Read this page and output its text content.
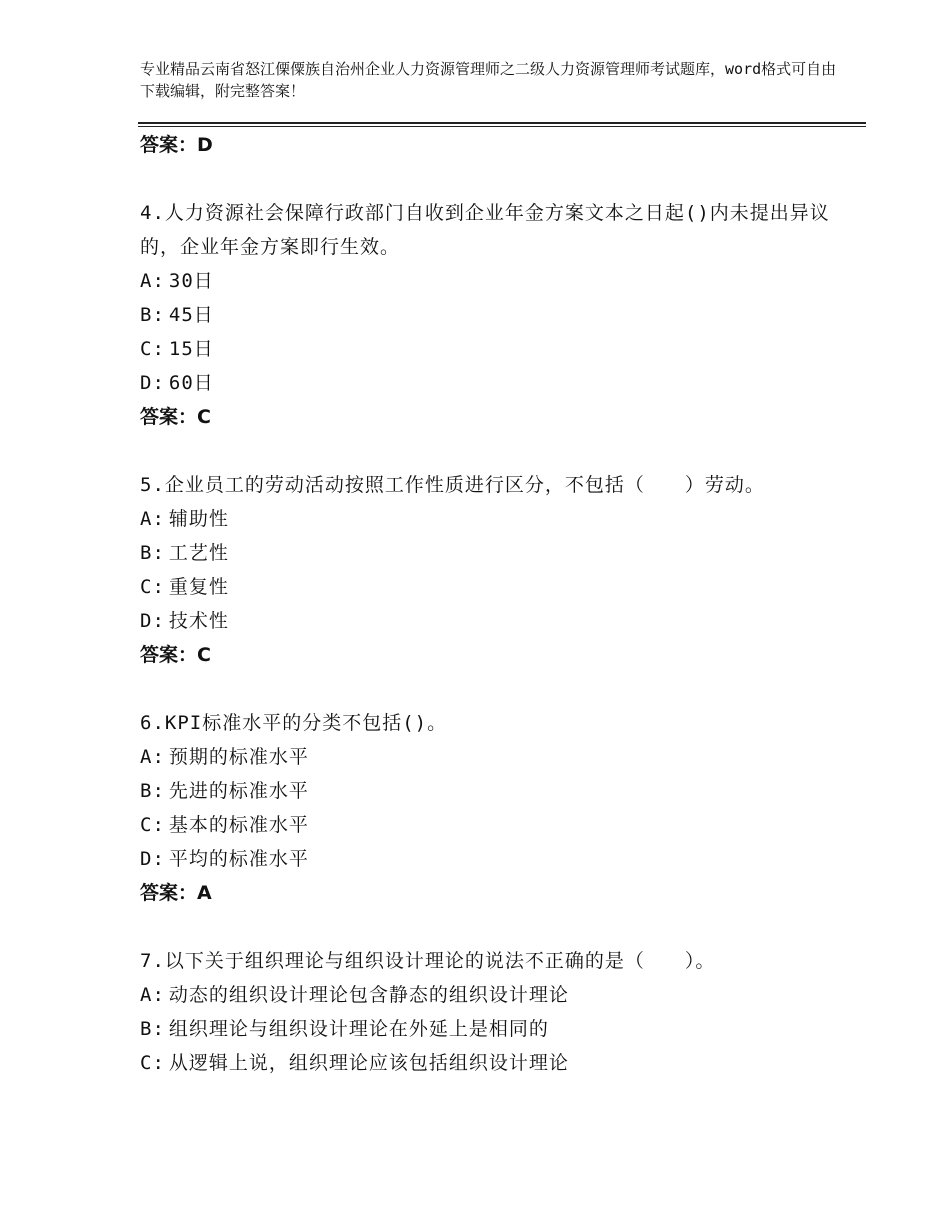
专业精品云南省怒江傈僳族自治州企业人力资源管理师之二级人力资源管理师考试题库，word格式可自由下载编辑，附完整答案！
答案：D
4.人力资源社会保障行政部门自收到企业年金方案文本之日起()内未提出异议的，企业年金方案即行生效。
A: 30日
B: 45日
C: 15日
D: 60日
答案：C
5.企业员工的劳动活动按照工作性质进行区分，不包括（　　）劳动。
A: 辅助性
B: 工艺性
C: 重复性
D: 技术性
答案：C
6.KPI标准水平的分类不包括()。
A: 预期的标准水平
B: 先进的标准水平
C: 基本的标准水平
D: 平均的标准水平
答案：A
7.以下关于组织理论与组织设计理论的说法不正确的是（　　）。
A: 动态的组织设计理论包含静态的组织设计理论
B: 组织理论与组织设计理论在外延上是相同的
C: 从逻辑上说，组织理论应该包括组织设计理论
